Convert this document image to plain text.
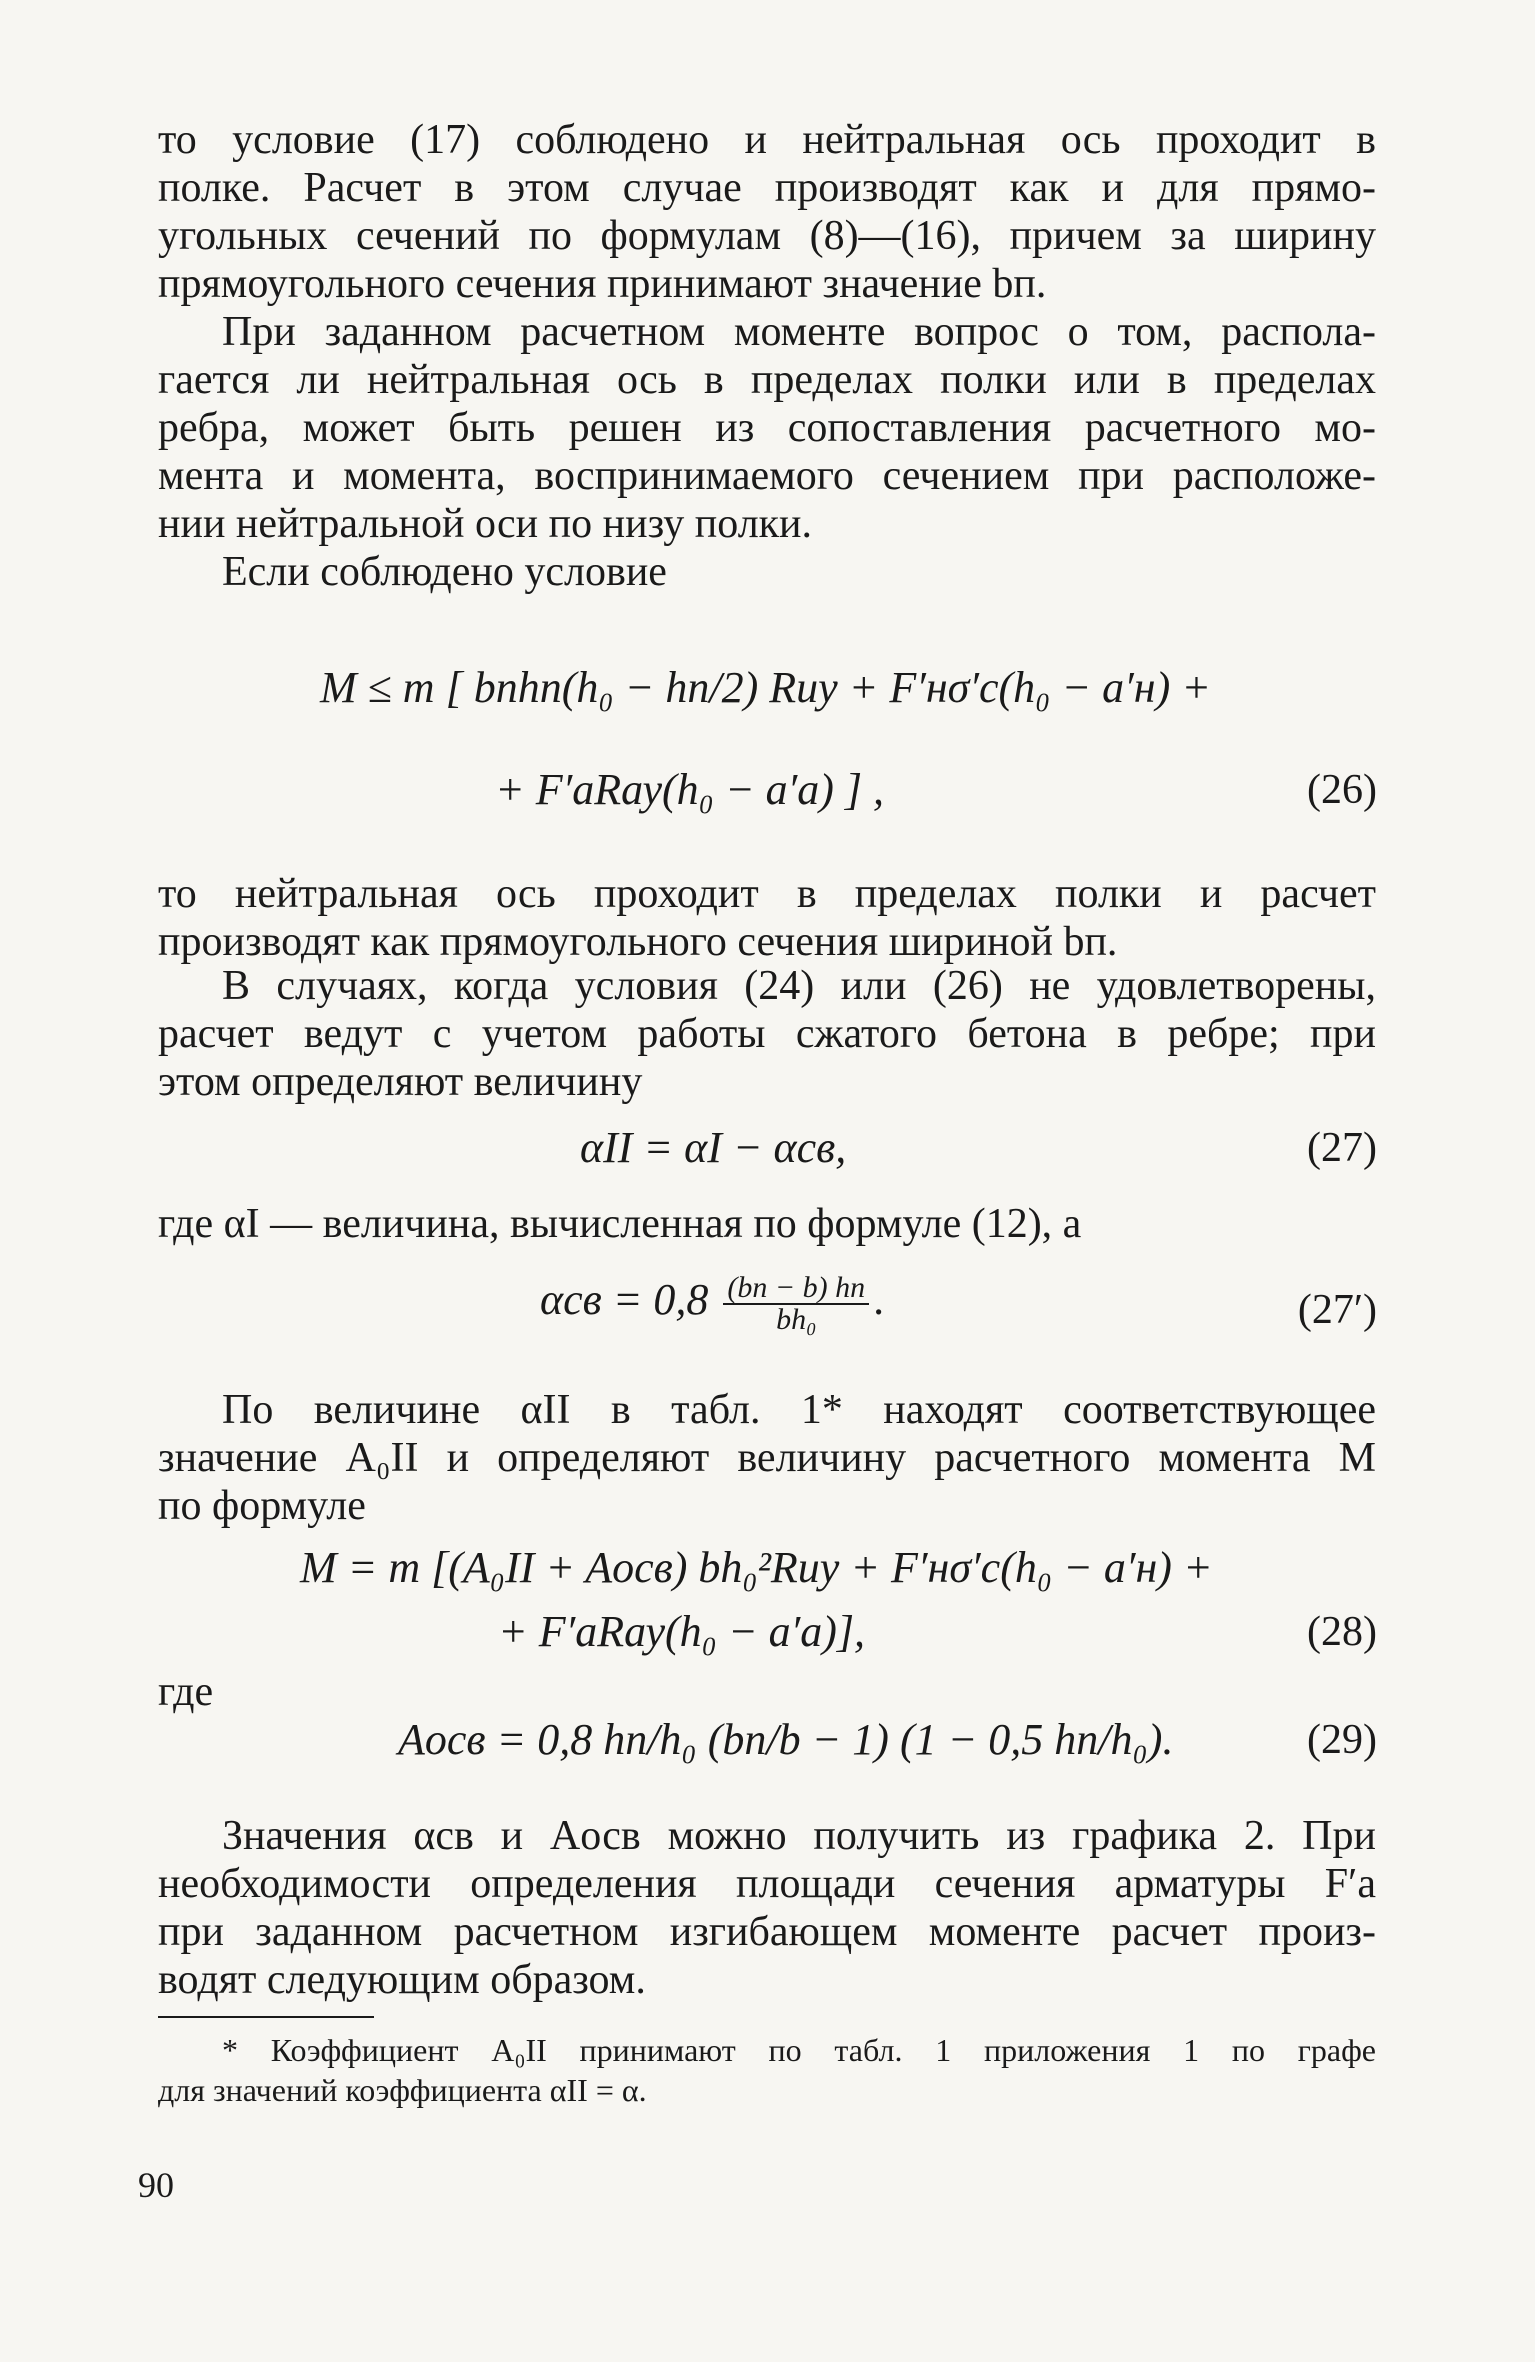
то условие (17) соблюдено и нейтральная ось проходит в
полке. Расчет в этом случае производят как и для прямо-
угольных сечений по формулам (8)—(16), причем за ширину
прямоугольного сечения принимают значение bп.

При заданном расчетном моменте вопрос о том, распола-
гается ли нейтральная ось в пределах полки или в пределах
ребра, может быть решен из сопоставления расчетного мо-
мента и момента, воспринимаемого сечением при расположе-
нии нейтральной оси по низу полки.

Если соблюдено условие

M ≤ m [ bпhп(h₀ − hп/2) Rиу + F′нσ′c(h₀ − a′н) +
+ F′аRау(h₀ − a′а) ] ,	(26)

то нейтральная ось проходит в пределах полки и расчет
производят как прямоугольного сечения шириной bп.

В случаях, когда условия (24) или (26) не удовлетворены,
расчет ведут с учетом работы сжатого бетона в ребре; при
этом определяют величину

αII = αI − αсв,	(27)

где αI — величина, вычисленная по формуле (12), а

$\alpha св = 0,8 \frac{(bп - b) hп}{\text{bh₀}}$ .	(27′)

По величине αII в табл. 1* находят соответствующее
значение A₀II и определяют величину расчетного момента M
по формуле

M = m [(A₀II + Aосв) bh₀²Rиу + F′нσ′c(h₀ − a′н) +
+ F′аRау(h₀ − a′а)],	(28)
где
Aосв = 0,8 hп/h₀ (bп/b − 1) (1 − 0,5 hп/h₀).	(29)

Значения αсв и Aосв можно получить из графика 2. При
необходимости определения площади сечения арматуры F′а
при заданном расчетном изгибающем моменте расчет произ-
водят следующим образом.

* Коэффициент A₀II принимают по табл. 1 приложения 1 по графе
для значений коэффициента αII = α.

90
